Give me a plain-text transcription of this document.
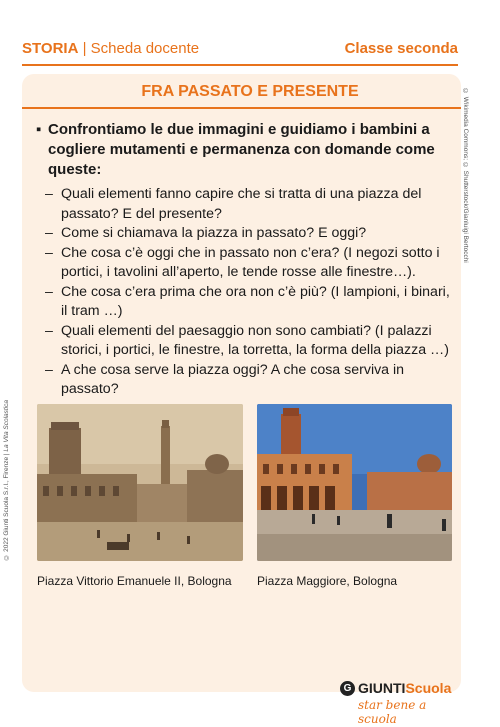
STORIA | Scheda docente	Classe seconda
FRA PASSATO E PRESENTE
▪ Confrontiamo le due immagini e guidiamo i bambini a cogliere mutamenti e permanenza con domande come queste:
– Quali elementi fanno capire che si tratta di una piazza del passato? E del presente?
– Come si chiamava la piazza in passato? E oggi?
– Che cosa c’è oggi che in passato non c’era? (I negozi sotto i portici, i tavolini all’aperto, le tende rosse alle finestre…).
– Che cosa c’era prima che ora non c’è più? (I lampioni, i binari, il tram …)
– Quali elementi del paesaggio non sono cambiati? (I palazzi storici, i portici, le finestre, la torretta, la forma della piazza …)
– A che cosa serve la piazza oggi? A che cosa serviva in passato?
Piazza Vittorio Emanuele II, Bologna Piazza Maggiore, Bologna
© Wikimedia Commons; © Shutterstock/Gianluigi Bertocchi
© 2022 Giunti Scuola S.r.l., Firenze | La Vita Scolastica
G GIUNTIScuola
star bene a scuola
